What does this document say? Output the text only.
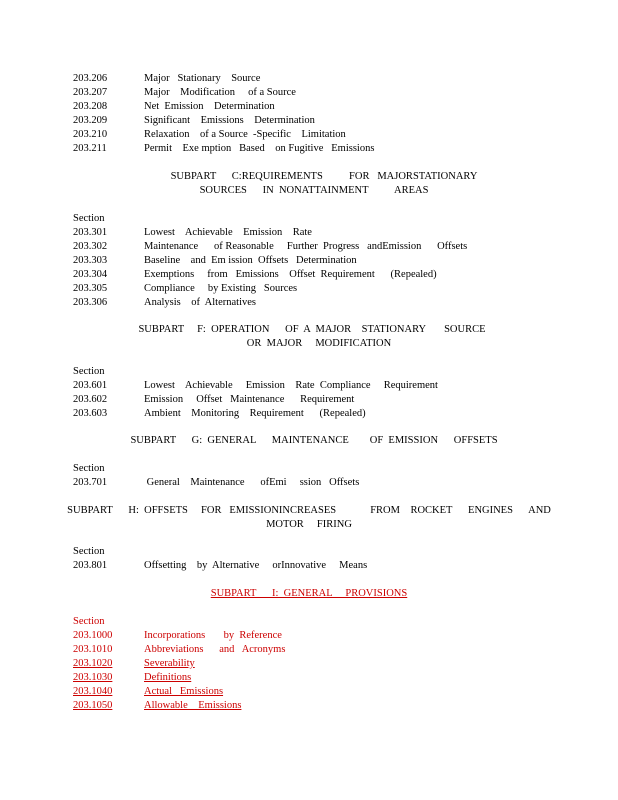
203.206	Major   Stationary    Source
203.207	Major    Modification     of a Source
203.208	Net  Emission    Determination
203.209	Significant    Emissions    Determination
203.210	Relaxation    of a Source  -Specific    Limitation
203.211	Permit    Exe mption   Based    on Fugitive   Emissions
SUBPART      C:REQUIREMENTS          FOR   MAJORSTATIONARY
SOURCES      IN  NONATTAINMENT          AREAS
Section
203.301	Lowest    Achievable    Emission    Rate
203.302	Maintenance      of Reasonable     Further  Progress   andEmission      Offsets
203.303	Baseline    and  Em ission  Offsets   Determination
203.304	Exemptions     from   Emissions    Offset  Requirement      (Repealed)
203.305	Compliance     by Existing   Sources
203.306	Analysis    of  Alternatives
SUBPART     F:  OPERATION      OF  A  MAJOR    STATIONARY       SOURCE
OR  MAJOR     MODIFICATION
Section
203.601	Lowest    Achievable     Emission    Rate  Compliance     Requirement
203.602	Emission     Offset   Maintenance      Requirement
203.603	Ambient    Monitoring    Requirement      (Repealed)
SUBPART      G:  GENERAL      MAINTENANCE        OF  EMISSION      OFFSETS
Section
203.701	General    Maintenance      ofEmi     ssion   Offsets
SUBPART      H:  OFFSETS     FOR   EMISSIONINCREASES             FROM    ROCKET      ENGINES      AND
MOTOR     FIRING
Section
203.801	Offsetting    by  Alternative     orInnovative     Means
SUBPART      I:  GENERAL     PROVISIONS
Section
203.1000	Incorporations       by  Reference
203.1010	Abbreviations      and   Acronyms
203.1020	Severability
203.1030	Definitions
203.1040	Actual   Emissions
203.1050	Allowable    Emissions
